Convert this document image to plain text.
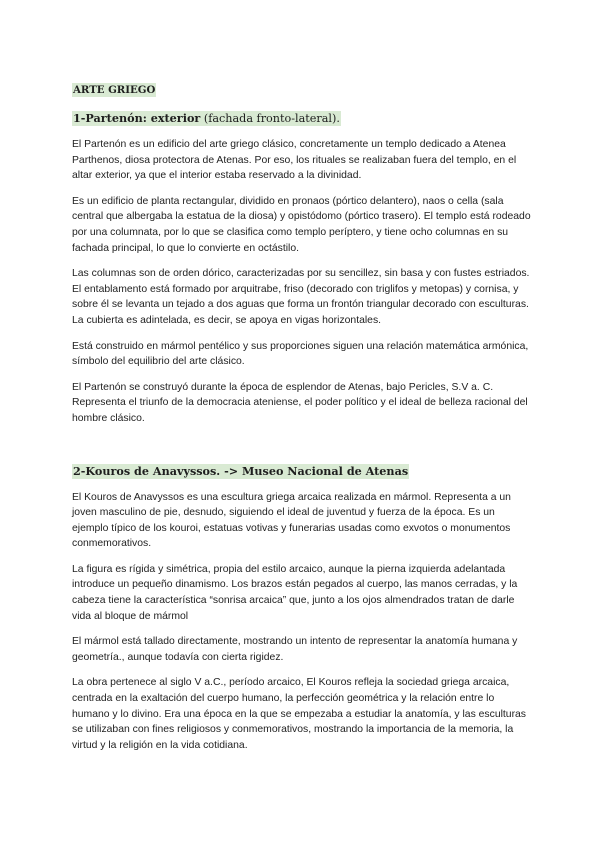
ARTE GRIEGO
1-Partenón: exterior (fachada fronto-lateral).

El Partenón es un edificio del arte griego clásico, concretamente un templo dedicado a Atenea Parthenos, diosa protectora de Atenas. Por eso, los rituales se realizaban fuera del templo, en el altar exterior, ya que el interior estaba reservado a la divinidad.

Es un edificio de planta rectangular, dividido en pronaos (pórtico delantero), naos o cella (sala central que albergaba la estatua de la diosa) y opistódomo (pórtico trasero). El templo está rodeado por una columnata, por lo que se clasifica como templo períptero, y tiene ocho columnas en su fachada principal, lo que lo convierte en octástilo.

Las columnas son de orden dórico, caracterizadas por su sencillez, sin basa y con fustes estriados. El entablamento está formado por arquitrabe, friso (decorado con triglifos y metopas) y cornisa, y sobre él se levanta un tejado a dos aguas que forma un frontón triangular decorado con esculturas. La cubierta es adintelada, es decir, se apoya en vigas horizontales.

Está construido en mármol pentélico y sus proporciones siguen una relación matemática armónica, símbolo del equilibrio del arte clásico.

El Partenón se construyó durante la época de esplendor de Atenas, bajo Pericles, S.V a. C. Representa el triunfo de la democracia ateniense, el poder político y el ideal de belleza racional del hombre clásico.

2-Kouros de Anavyssos. -> Museo Nacional de Atenas

El Kouros de Anavyssos es una escultura griega arcaica realizada en mármol. Representa a un joven masculino de pie, desnudo, siguiendo el ideal de juventud y fuerza de la época. Es un ejemplo típico de los kouroi, estatuas votivas y funerarias usadas como exvotos o monumentos conmemorativos.

La figura es rígida y simétrica, propia del estilo arcaico, aunque la pierna izquierda adelantada introduce un pequeño dinamismo. Los brazos están pegados al cuerpo, las manos cerradas, y la cabeza tiene la característica “sonrisa arcaica” que, junto a los ojos almendrados tratan de darle vida al bloque de mármol

El mármol está tallado directamente, mostrando un intento de representar la anatomía humana y geometría., aunque todavía con cierta rigidez.

La obra pertenece al siglo V a.C., período arcaico, El Kouros refleja la sociedad griega arcaica, centrada en la exaltación del cuerpo humano, la perfección geométrica y la relación entre lo humano y lo divino. Era una época en la que se empezaba a estudiar la anatomía, y las esculturas se utilizaban con fines religiosos y conmemorativos, mostrando la importancia de la memoria, la virtud y la religión en la vida cotidiana.
